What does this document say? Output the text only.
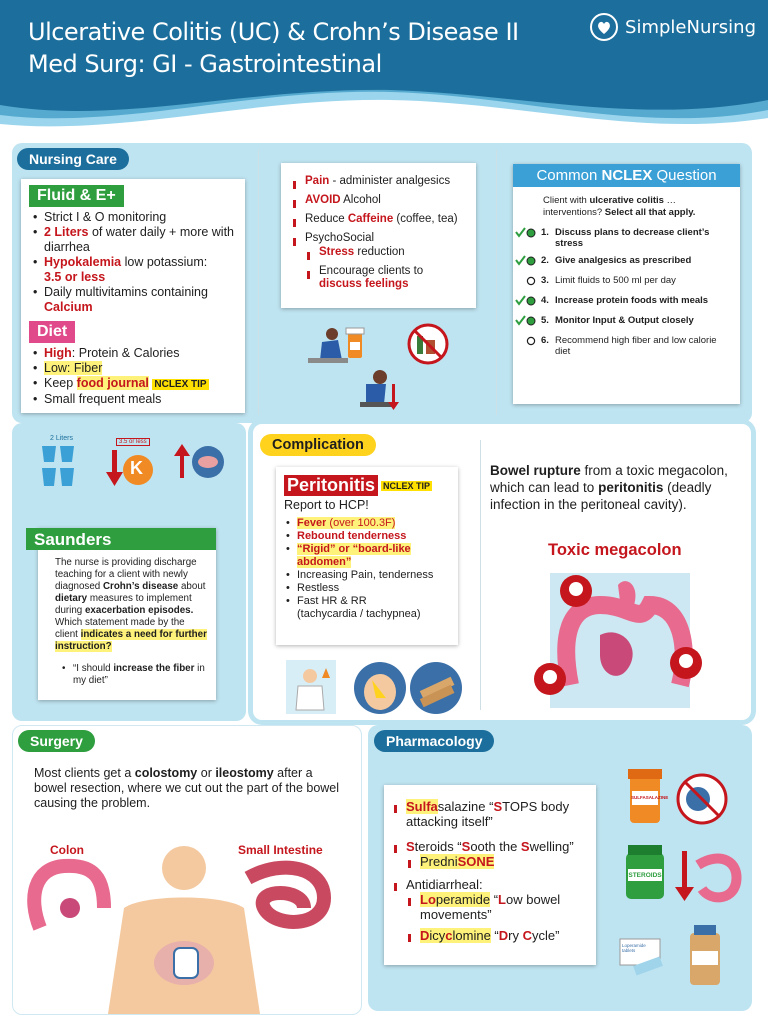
Ulcerative Colitis (UC) & Crohn’s Disease II
Med Surg: GI - Gastrointestinal
SimpleNursing
Nursing Care
Fluid & E+
• Strict I & O monitoring
• 2 Liters of water daily + more with diarrhea
• Hypokalemia low potassium:
3.5 or less
• Daily multivitamins containing
Calcium
Diet
• High: Protein & Calories
• Low: Fiber
• Keep food journal NCLEX TIP
• Small frequent meals
Pain - administer analgesics
AVOID Alcohol
Reduce Caffeine (coffee, tea)
PsychoSocial
Stress reduction
Encourage clients to
discuss feelings
Common NCLEX Question
Client with ulcerative colitis … interventions? Select all that apply.
1. Discuss plans to decrease client’s stress
2. Give analgesics as prescribed
3. Limit fluids to 500 ml per day
4. Increase protein foods with meals
5. Monitor Input & Output closely
6. Recommend high fiber and low calorie diet
2 Liters	3.5 or less
K
Saunders
The nurse is providing discharge teaching for a client with newly diagnosed Crohn’s disease about dietary measures to implement during exacerbation episodes. Which statement made by the client indicates a need for further instruction?
• “I should increase the fiber in my diet”
Complication
Peritonitis NCLEX TIP
Report to HCP!
• Fever (over 100.3F)
• Rebound tenderness
• “Rigid” or “board-like abdomen”
• Increasing Pain, tenderness
• Restless
• Fast HR & RR
(tachycardia / tachypnea)
Bowel rupture from a toxic megacolon, which can lead to peritonitis (deadly infection in the peritoneal cavity).
Toxic megacolon
Surgery
Most clients get a colostomy or ileostomy after a bowel resection, where we cut out the part of the bowel causing the problem.
Colon	Small Intestine
Pharmacology
Sulfasalazine “STOPS body attacking itself”
Steroids “Sooth the Swelling”
PredniSONE
Antidiarrheal:
Loperamide “Low bowel movements”
Dicyclomine “Dry Cycle”
SULFASALAZINE
STEROIDS
Loperamide tablets
